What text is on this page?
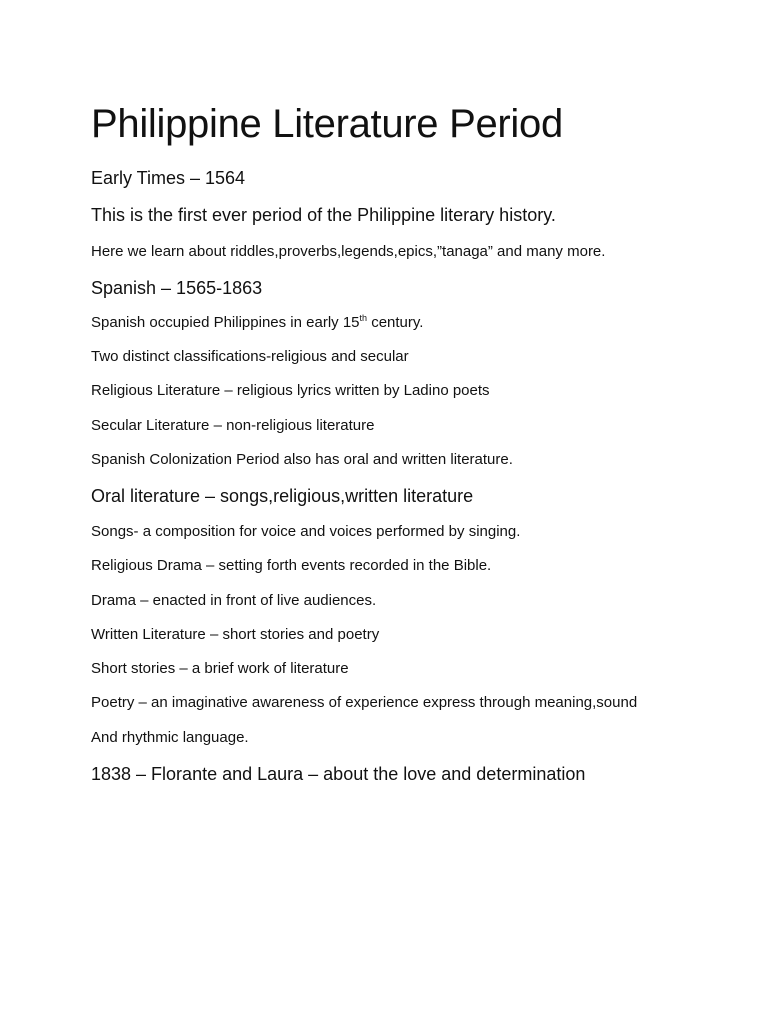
Philippine Literature Period
Early Times – 1564
This is the first ever period of the Philippine literary history.
Here we learn about riddles,proverbs,legends,epics,”tanaga” and many more.
Spanish – 1565-1863
Spanish occupied Philippines in early 15th century.
Two distinct classifications-religious and secular
Religious Literature – religious lyrics written by Ladino poets
Secular Literature – non-religious literature
Spanish Colonization Period also has oral and written literature.
Oral literature – songs,religious,written literature
Songs- a composition for voice and voices performed by singing.
Religious Drama – setting forth events recorded in the Bible.
Drama – enacted in front of live audiences.
Written Literature – short stories and poetry
Short stories – a brief work of literature
Poetry – an imaginative awareness of experience express through meaning,sound
And rhythmic language.
1838 – Florante and Laura – about the love and determination
